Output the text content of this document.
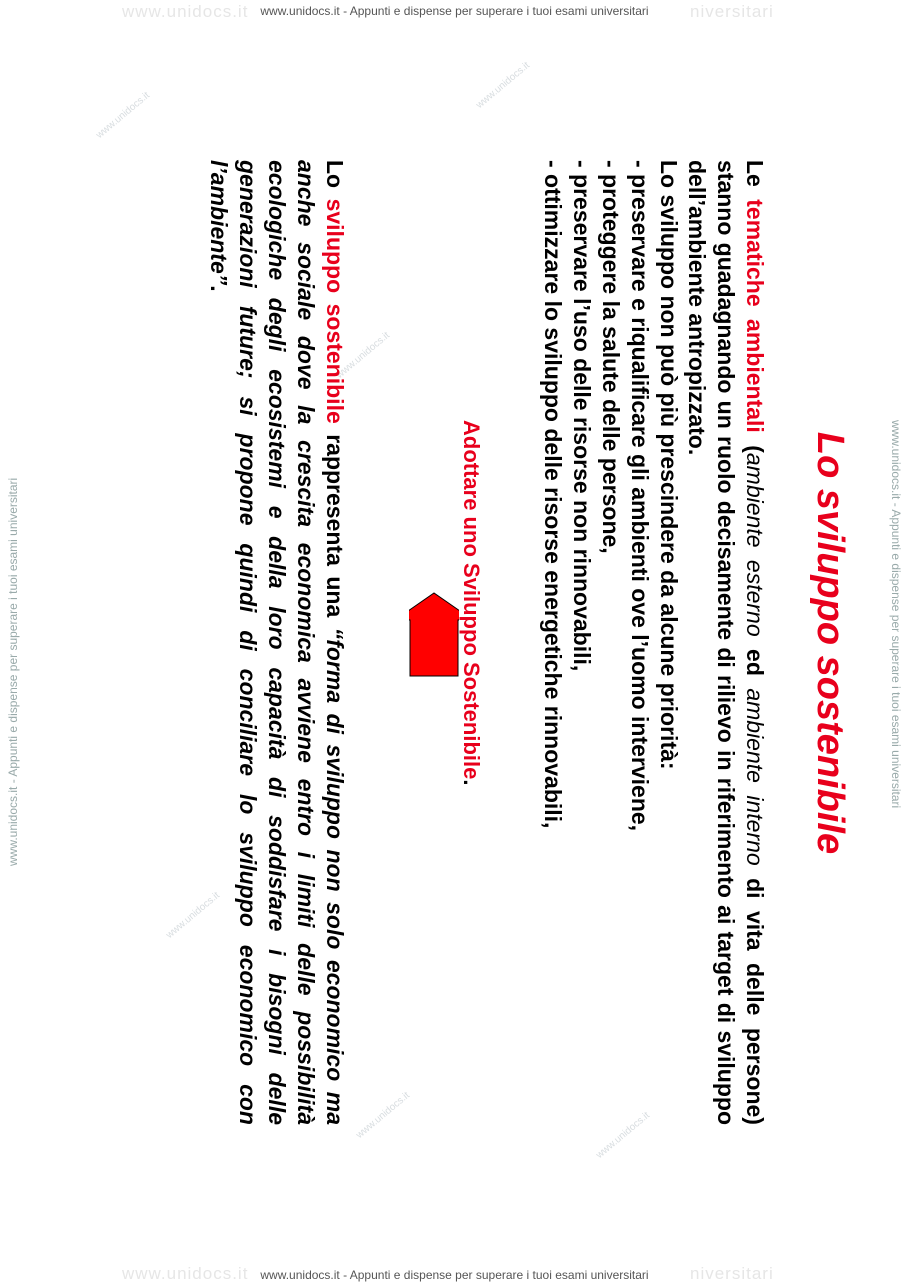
www.unidocs.it	niversitari
www.unidocs.it - Appunti e dispense per superare i tuoi esami universitari
www.unidocs.it	niversitari
www.unidocs.it - Appunti e dispense per superare i tuoi esami universitari
www.unidocs.it - Appunti e dispense per superare i tuoi esami universitari	www.unidocs.it - Appunti e dispense per superare i tuoi esami universitari
www.unidocs.it
www.unidocs.it
www.unidocs.it
www.unidocs.it
www.unidocs.it	www.unidocs.it
Lo sviluppo sostenibile

Le tematiche ambientali (ambiente esterno ed ambiente interno di vita delle persone) stanno guadagnando un ruolo decisamente di rilievo in riferimento ai target di sviluppo dell’ambiente antropizzato.

Lo sviluppo non può più prescindere da alcune priorità:
- preservare e riqualificare gli ambienti ove l’uomo interviene,
- proteggere la salute delle persone,
- preservare l’uso delle risorse non rinnovabili,
- ottimizzare lo sviluppo delle risorse energetiche rinnovabili,
Adottare uno Sviluppo Sostenibile.

Lo sviluppo sostenibile rappresenta una “forma di sviluppo non solo economico ma anche sociale dove la crescita economica avviene entro i limiti delle possibilità ecologiche degli ecosistemi e della loro capacità di soddisfare i bisogni delle generazioni future; si propone quindi di conciliare lo sviluppo economico con l’ambiente”.
